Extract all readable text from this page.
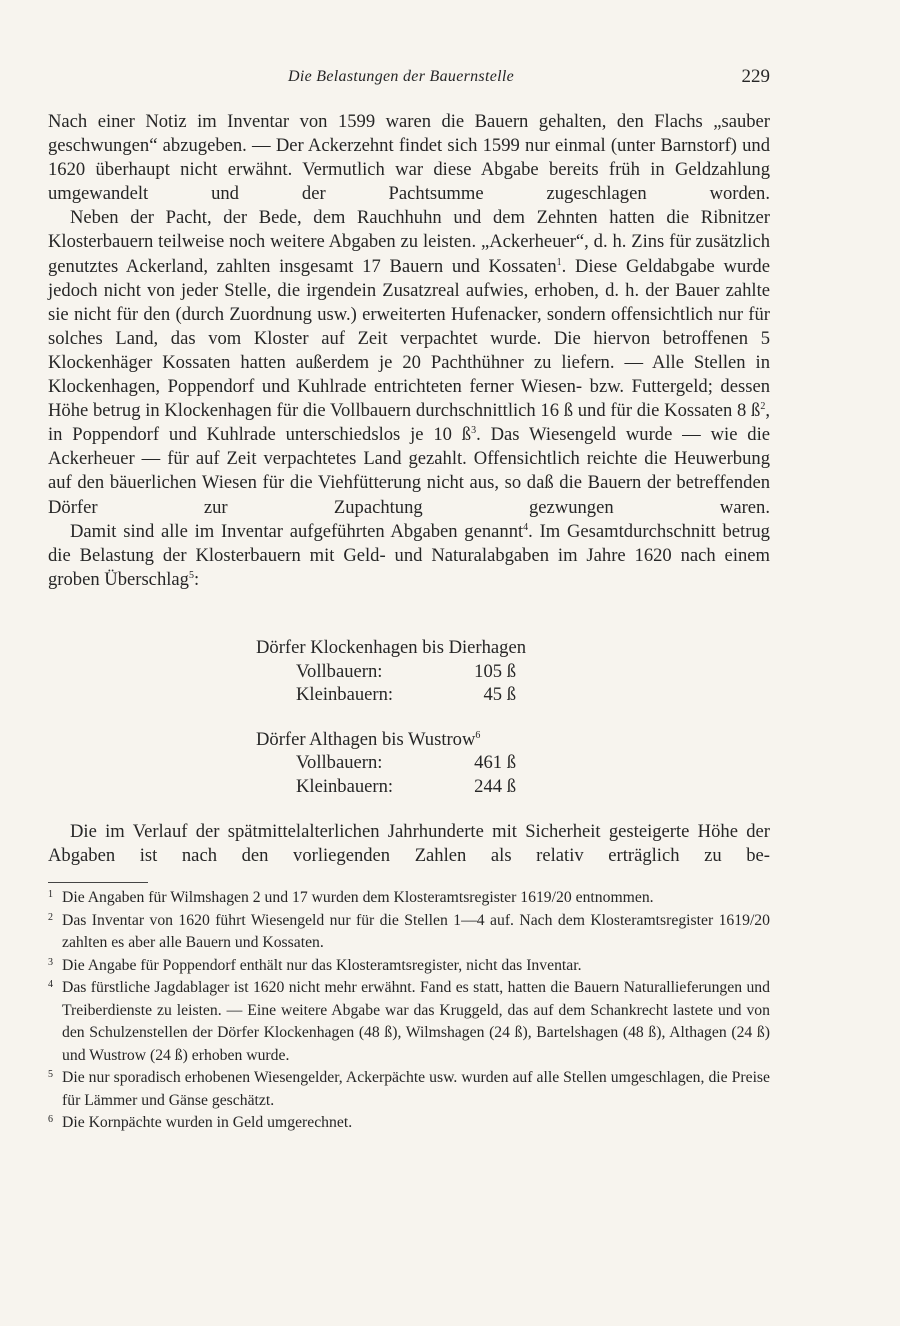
Die Belastungen der Bauernstelle	229

Nach einer Notiz im Inventar von 1599 waren die Bauern gehalten, den Flachs „sauber geschwungen“ abzugeben. — Der Ackerzehnt findet sich 1599 nur einmal (unter Barnstorf) und 1620 überhaupt nicht erwähnt. Vermutlich war diese Abgabe bereits früh in Geldzahlung umgewandelt und der Pachtsumme zugeschlagen worden.

Neben der Pacht, der Bede, dem Rauchhuhn und dem Zehnten hatten die Ribnitzer Klosterbauern teilweise noch weitere Abgaben zu leisten. „Ackerheuer“, d. h. Zins für zusätzlich genutztes Ackerland, zahlten insgesamt 17 Bauern und Kossaten$^1$. Diese Geldabgabe wurde jedoch nicht von jeder Stelle, die irgendein Zusatzreal aufwies, erhoben, d. h. der Bauer zahlte sie nicht für den (durch Zuordnung usw.) erweiterten Hufenacker, sondern offensichtlich nur für solches Land, das vom Kloster auf Zeit verpachtet wurde. Die hiervon betroffenen 5 Klockenhäger Kossaten hatten außerdem je 20 Pachthühner zu liefern. — Alle Stellen in Klockenhagen, Poppendorf und Kuhlrade entrichteten ferner Wiesen- bzw. Futtergeld; dessen Höhe betrug in Klockenhagen für die Vollbauern durchschnittlich 16 ß und für die Kossaten 8 $ß^2$, in Poppendorf und Kuhlrade unterschiedslos je 10 $ß^3$. Das Wiesengeld wurde — wie die Ackerheuer — für auf Zeit verpachtetes Land gezahlt. Offensichtlich reichte die Heuwerbung auf den bäuerlichen Wiesen für die Viehfütterung nicht aus, so daß die Bauern der betreffenden Dörfer zur Zupachtung gezwungen waren.

Damit sind alle im Inventar aufgeführten Abgaben genannt$^4$. Im Gesamtdurchschnitt betrug die Belastung der Klosterbauern mit Geld- und Naturalabgaben im Jahre 1620 nach einem groben Überschlag$^5$:

Dörfer Klockenhagen bis Dierhagen

Vollbauern:	105 ß
Kleinbauern:	45 ß

Dörfer Althagen bis Wustrow$^6$

Vollbauern:	461 ß
Kleinbauern:	244 ß

Die im Verlauf der spätmittelalterlichen Jahrhunderte mit Sicherheit gesteigerte Höhe der Abgaben ist nach den vorliegenden Zahlen als relativ erträglich zu be-

1 Die Angaben für Wilmshagen 2 und 17 wurden dem Klosteramtsregister 1619/20 entnommen.

2 Das Inventar von 1620 führt Wiesengeld nur für die Stellen 1—4 auf. Nach dem Klosteramtsregister 1619/20 zahlten es aber alle Bauern und Kossaten.

3 Die Angabe für Poppendorf enthält nur das Klosteramtsregister, nicht das Inventar.

4 Das fürstliche Jagdablager ist 1620 nicht mehr erwähnt. Fand es statt, hatten die Bauern Naturallieferungen und Treiberdienste zu leisten. — Eine weitere Abgabe war das Kruggeld, das auf dem Schankrecht lastete und von den Schulzenstellen der Dörfer Klockenhagen (48 ß), Wilmshagen (24 ß), Bartelshagen (48 ß), Althagen (24 ß) und Wustrow (24 ß) erhoben wurde.

5 Die nur sporadisch erhobenen Wiesengelder, Ackerpächte usw. wurden auf alle Stellen umgeschlagen, die Preise für Lämmer und Gänse geschätzt.

6 Die Kornpächte wurden in Geld umgerechnet.
